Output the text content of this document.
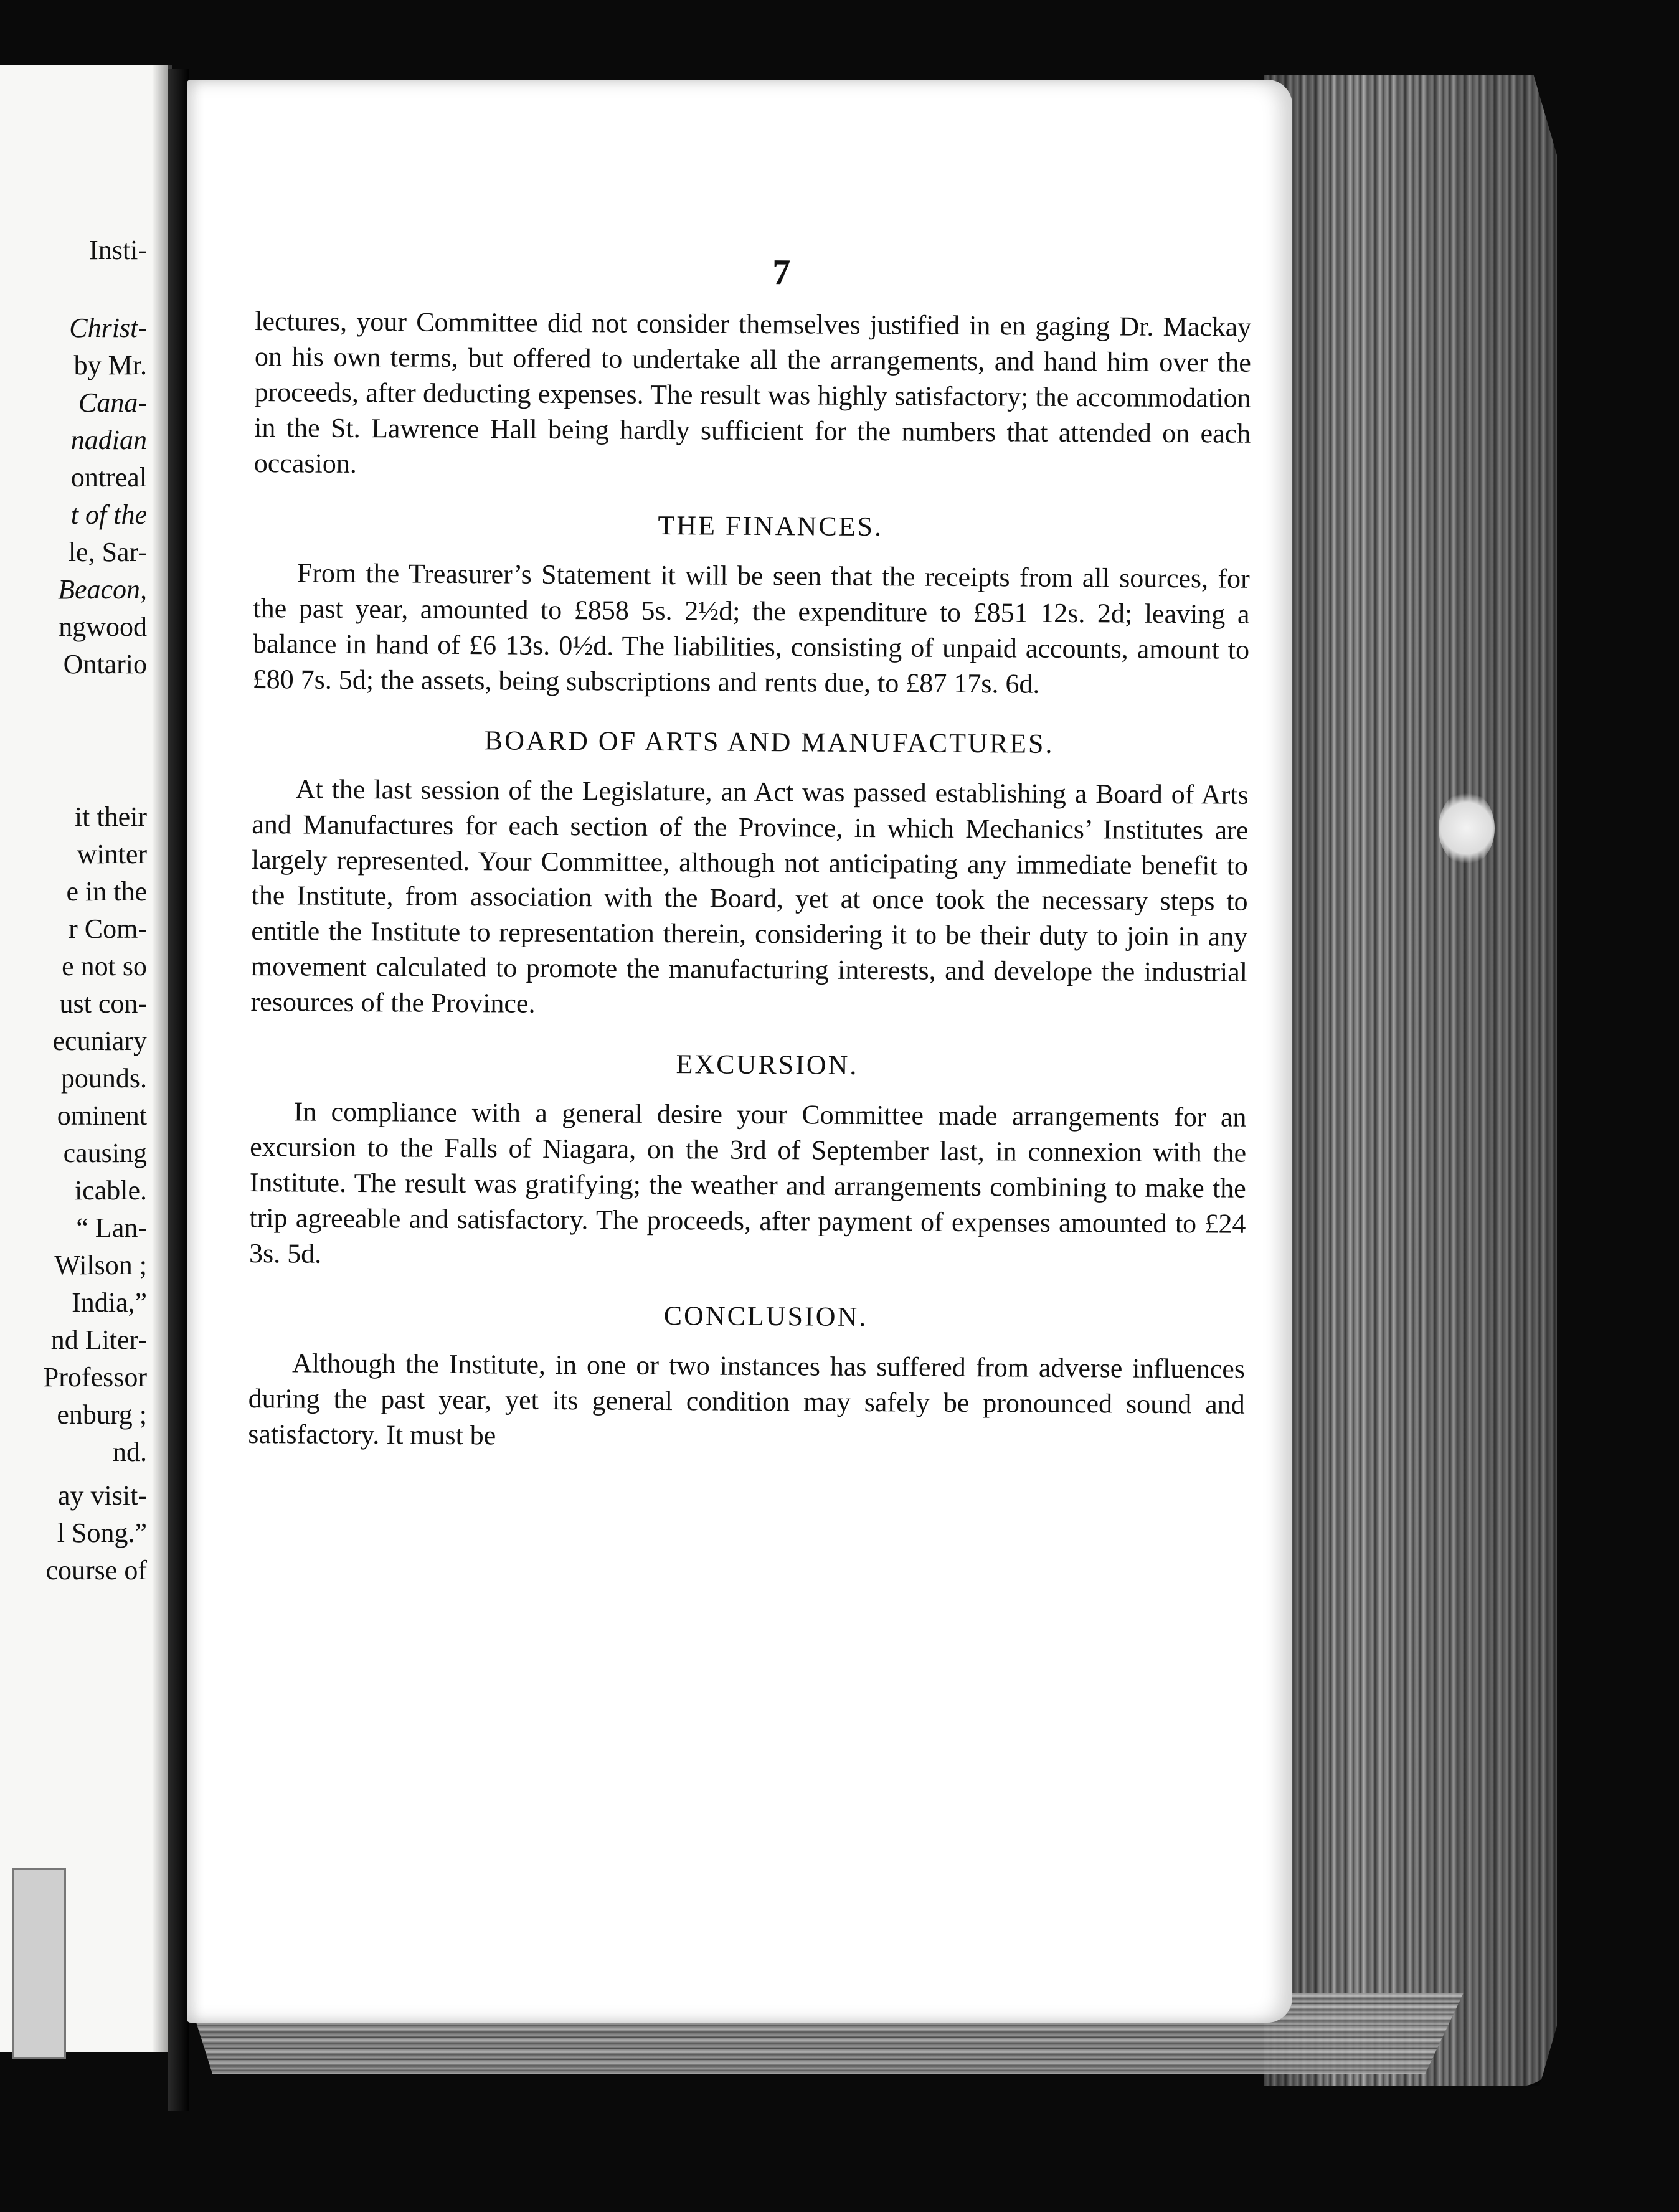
Insti-
Christ-
by Mr.
Cana-
nadian
ontreal
t of the
le, Sar-
Beacon,
ngwood
Ontario
it their
winter
e in the
r Com-
e not so
ust con-
ecuniary
pounds.
ominent
causing
icable.
“ Lan-
Wilson ;
India,”
nd Liter-
Professor
enburg ;
nd.
ay visit-
l Song.”
course of
7

lectures, your Committee did not consider themselves justified in en gaging Dr. Mackay on his own terms, but offered to undertake all the arrangements, and hand him over the proceeds, after deducting expenses. The result was highly satisfactory; the accommodation in the St. Lawrence Hall being hardly sufficient for the numbers that attended on each occasion.

THE FINANCES.

From the Treasurer’s Statement it will be seen that the receipts from all sources, for the past year, amounted to £858 5s. 2½d; the expenditure to £851 12s. 2d; leaving a balance in hand of £6 13s. 0½d. The liabilities, consisting of unpaid accounts, amount to £80 7s. 5d; the assets, being subscriptions and rents due, to £87 17s. 6d.

BOARD OF ARTS AND MANUFACTURES.

At the last session of the Legislature, an Act was passed establishing a Board of Arts and Manufactures for each section of the Province, in which Mechanics’ Institutes are largely represented. Your Committee, although not anticipating any immediate benefit to the Institute, from association with the Board, yet at once took the necessary steps to entitle the Institute to representation therein, considering it to be their duty to join in any movement calculated to promote the manufacturing interests, and develope the industrial resources of the Province.

EXCURSION.

In compliance with a general desire your Committee made arrangements for an excursion to the Falls of Niagara, on the 3rd of September last, in connexion with the Institute. The result was gratifying; the weather and arrangements combining to make the trip agreeable and satisfactory. The proceeds, after payment of expenses amounted to £24 3s. 5d.

CONCLUSION.

Although the Institute, in one or two instances has suffered from adverse influences during the past year, yet its general condition may safely be pronounced sound and satisfactory. It must be
